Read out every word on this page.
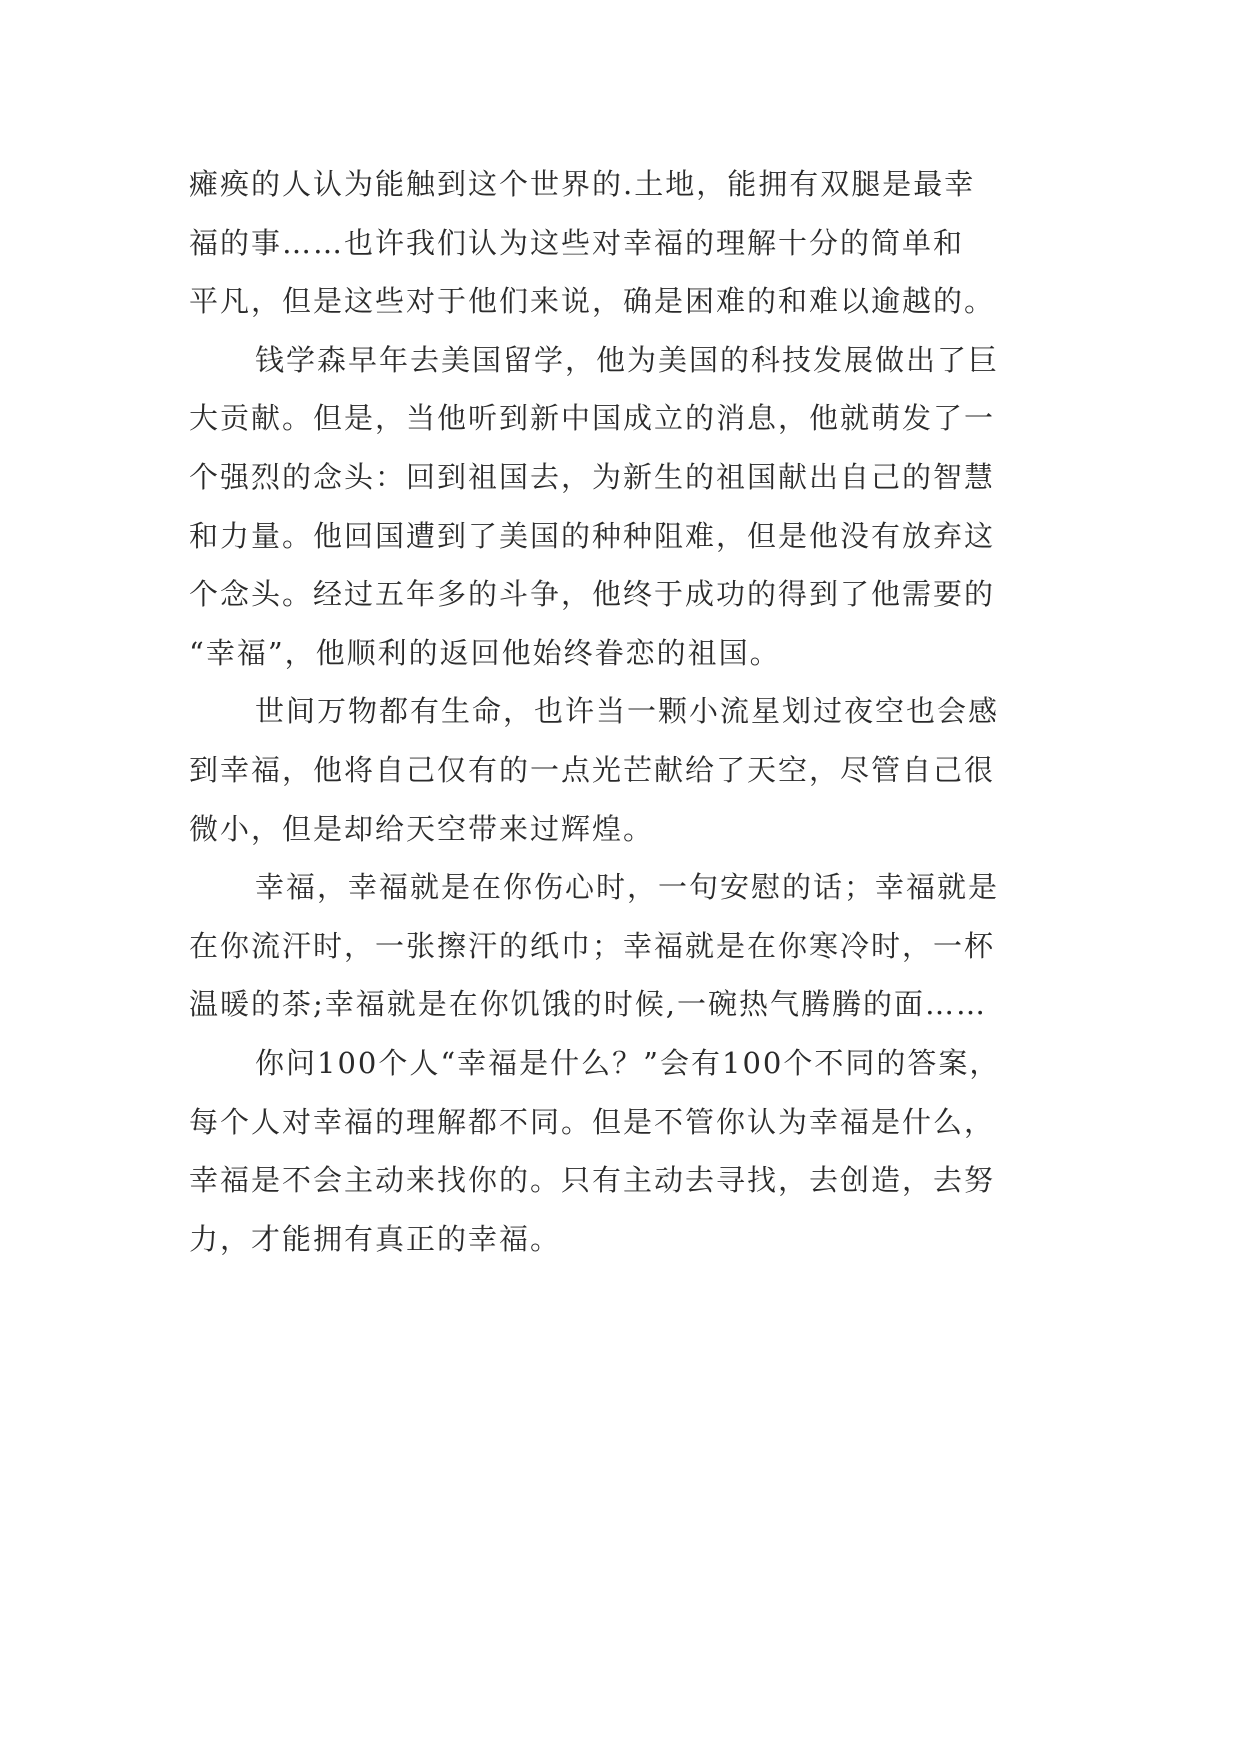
瘫痪的人认为能触到这个世界的.土地，能拥有双腿是最幸
福的事……也许我们认为这些对幸福的理解十分的简单和
平凡，但是这些对于他们来说，确是困难的和难以逾越的。

钱学森早年去美国留学，他为美国的科技发展做出了巨
大贡献。但是，当他听到新中国成立的消息，他就萌发了一
个强烈的念头：回到祖国去，为新生的祖国献出自己的智慧
和力量。他回国遭到了美国的种种阻难，但是他没有放弃这
个念头。经过五年多的斗争，他终于成功的得到了他需要的
“幸福”，他顺利的返回他始终眷恋的祖国。

世间万物都有生命，也许当一颗小流星划过夜空也会感
到幸福，他将自己仅有的一点光芒献给了天空，尽管自己很
微小，但是却给天空带来过辉煌。

幸福，幸福就是在你伤心时，一句安慰的话；幸福就是
在你流汗时，一张擦汗的纸巾；幸福就是在你寒冷时，一杯
温暖的茶;幸福就是在你饥饿的时候,一碗热气腾腾的面……

你问100个人“幸福是什么？”会有100个不同的答案，
每个人对幸福的理解都不同。但是不管你认为幸福是什么，
幸福是不会主动来找你的。只有主动去寻找，去创造，去努
力，才能拥有真正的幸福。
